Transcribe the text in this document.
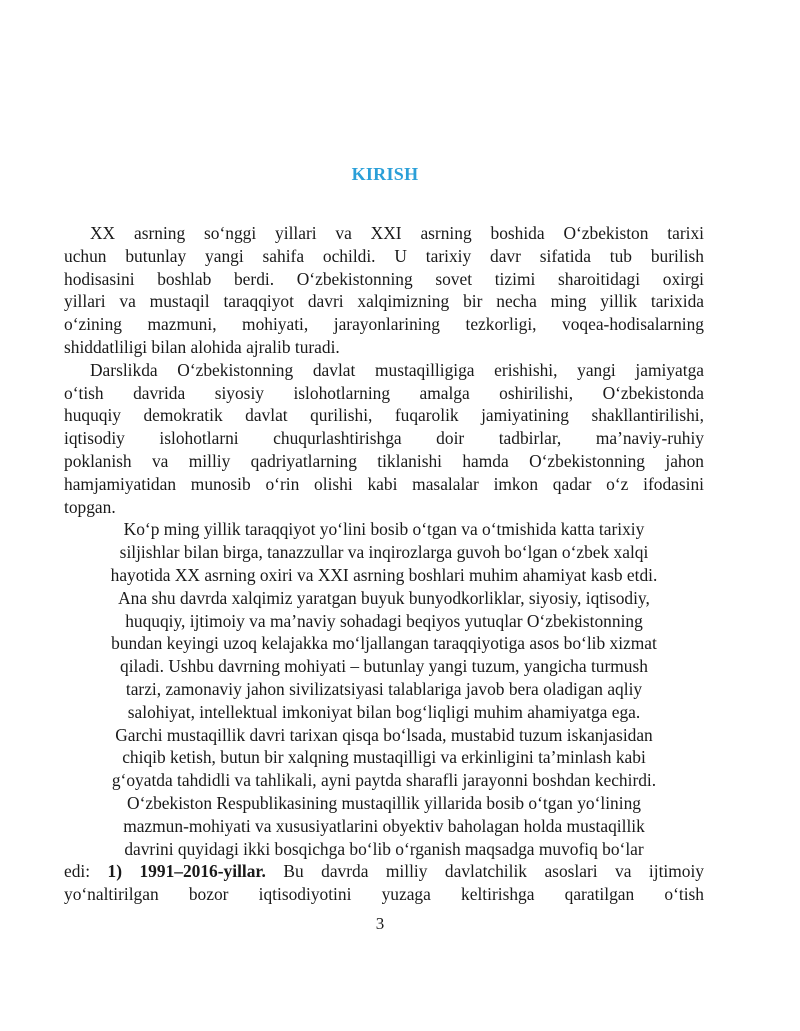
KIRISH
XX asrning so‘nggi yillari va XXI asrning boshida O‘zbekiston tarixi
uchun butunlay yangi sahifa ochildi. U tarixiy davr sifatida tub burilish
hodisasini boshlab berdi. O‘zbekistonning sovet tizimi sharoitidagi oxirgi
yillari va mustaqil taraqqiyot davri xalqimizning bir necha ming yillik tarixida
o‘zining mazmuni, mohiyati, jarayonlarining tezkorligi, voqea-hodisalarning
shiddatliligi bilan alohida ajralib turadi.
Darslikda O‘zbekistonning davlat mustaqilligiga erishishi, yangi jamiyatga
o‘tish davrida siyosiy islohotlarning amalga oshirilishi, O‘zbekistonda
huquqiy demokratik davlat qurilishi, fuqarolik jamiyatining shakllantirilishi,
iqtisodiy islohotlarni chuqurlashtirishga doir tadbirlar, ma’naviy-ruhiy
poklanish va milliy qadriyatlarning tiklanishi hamda O‘zbekistonning jahon
hamjamiyatidan munosib o‘rin olishi kabi masalalar imkon qadar o‘z ifodasini
topgan.
Ko‘p ming yillik taraqqiyot yo‘lini bosib o‘tgan va o‘tmishida katta tarixiy
siljishlar bilan birga, tanazzullar va inqirozlarga guvoh bo‘lgan o‘zbek xalqi
hayotida XX asrning oxiri va XXI asrning boshlari muhim ahamiyat kasb etdi.
Ana shu davrda xalqimiz yaratgan buyuk bunyodkorliklar, siyosiy, iqtisodiy,
huquqiy, ijtimoiy va ma’naviy sohadagi beqiyos yutuqlar O‘zbekistonning
bundan keyingi uzoq kelajakka mo‘ljallangan taraqqiyotiga asos bo‘lib xizmat
qiladi. Ushbu davrning mohiyati – butunlay yangi tuzum, yangicha turmush
tarzi, zamonaviy jahon sivilizatsiyasi talablariga javob bera oladigan aqliy
salohiyat, intellektual imkoniyat bilan bog‘liqligi muhim ahamiyatga ega.
Garchi mustaqillik davri tarixan qisqa bo‘lsada, mustabid tuzum iskanjasidan
chiqib ketish, butun bir xalqning mustaqilligi va erkinligini ta’minlash kabi
g‘oyatda tahdidli va tahlikali, ayni paytda sharafli jarayonni boshdan kechirdi.
O‘zbekiston Respublikasining mustaqillik yillarida bosib o‘tgan yo‘lining
mazmun-mohiyati va xususiyatlarini obyektiv baholagan holda mustaqillik
davrini quyidagi ikki bosqichga bo‘lib o‘rganish maqsadga muvofiq bo‘lar
edi: 1) 1991–2016-yillar. Bu davrda milliy davlatchilik asoslari va ijtimoiy
yo‘naltirilgan bozor iqtisodiyotini yuzaga keltirishga qaratilgan o‘tish
3
